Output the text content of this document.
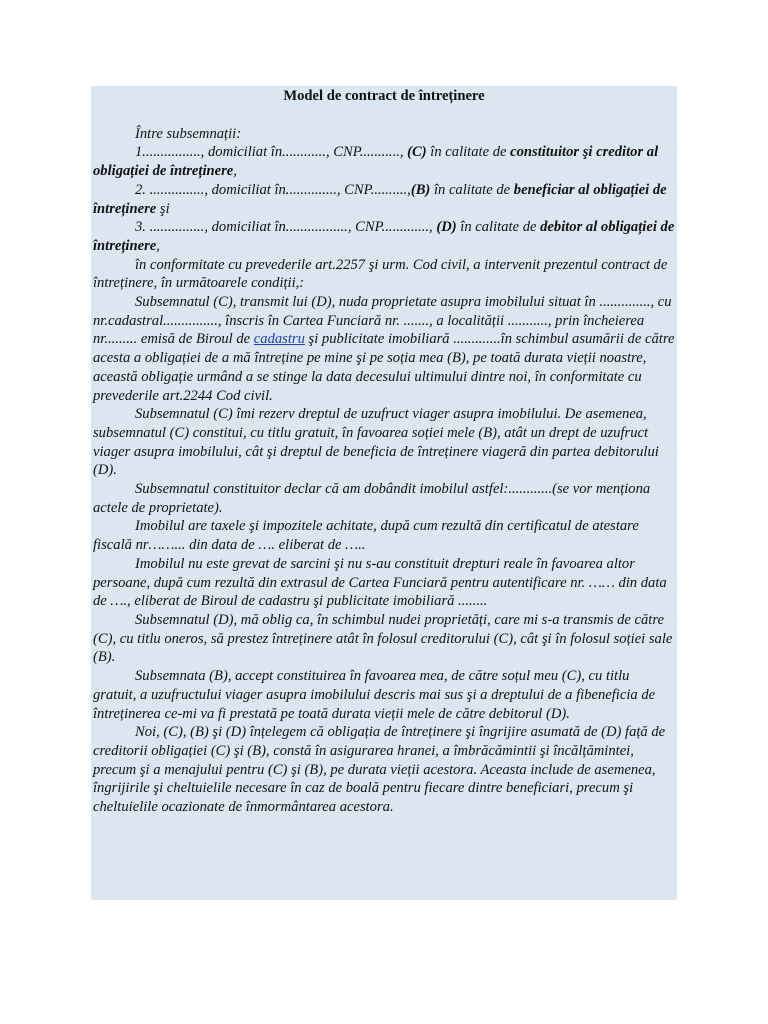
Model de contract de întreținere

Între subsemnații:

1................, domiciliat în............, CNP..........., (C) în calitate de constituitor şi creditor al obligației de întreținere,

2. ..............., domiciliat în.............., CNP..........,(B) în calitate de beneficiar al obligației de întreținere şi

3. ..............., domiciliat în................., CNP............., (D) în calitate de debitor al obligației de întreținere,

în conformitate cu prevederile art.2257 şi urm. Cod civil, a intervenit prezentul contract de întreținere, în următoarele condiții,:

Subsemnatul (C), transmit lui (D), nuda proprietate asupra imobilului situat în .............., cu nr.cadastral..............., înscris în Cartea Funciară nr. ......., a localității ..........., prin încheierea nr......... emisă de Biroul de cadastru şi publicitate imobiliară .............în schimbul asumării de către acesta a obligației de a mă întreține pe mine şi pe soția mea (B), pe toată durata vieții noastre, această obligație urmând a se stinge la data decesului ultimului dintre noi, în conformitate cu prevederile art.2244 Cod civil.

Subsemnatul (C) îmi rezerv dreptul de uzufruct viager asupra imobilului. De asemenea, subsemnatul (C) constitui, cu titlu gratuit, în favoarea soției mele (B), atât un drept de uzufruct viager asupra imobilului, cât şi dreptul de beneficia de întreținere viageră din partea debitorului (D).

Subsemnatul constituitor declar că am dobândit imobilul astfel:............(se vor menționa actele de proprietate).

Imobilul are taxele şi impozitele achitate, după cum rezultă din certificatul de atestare fiscală nr……... din data de …. eliberat de …..

Imobilul nu este grevat de sarcini şi nu s-au constituit drepturi reale în favoarea altor persoane, după cum rezultă din extrasul de Cartea Funciară pentru autentificare nr. …… din data de …., eliberat de Biroul de cadastru şi publicitate imobiliară ........

Subsemnatul (D), mă oblig ca, în schimbul nudei proprietăți, care mi s-a transmis de către (C), cu titlu oneros, să prestez întreținere atât în folosul creditorului (C), cât şi în folosul soției sale (B).

Subsemnata (B), accept constituirea în favoarea mea, de către soțul meu (C), cu titlu gratuit, a uzufructului viager asupra imobilului descris mai sus şi a dreptului de a fibeneficia de întreținerea ce-mi va fi prestată pe toată durata vieții mele de către debitorul (D).

Noi, (C), (B) şi (D) înțelegem că obligația de întreținere şi îngrijire asumată de (D) față de creditorii obligației (C) şi (B), constă în asigurarea hranei, a îmbrăcămintii şi încălțămintei, precum şi a menajului pentru (C) şi (B), pe durata vieții acestora. Aceasta include de asemenea, îngrijirile şi cheltuielile necesare în caz de boală pentru fiecare dintre beneficiari, precum şi cheltuielile ocazionate de înmormântarea acestora.
